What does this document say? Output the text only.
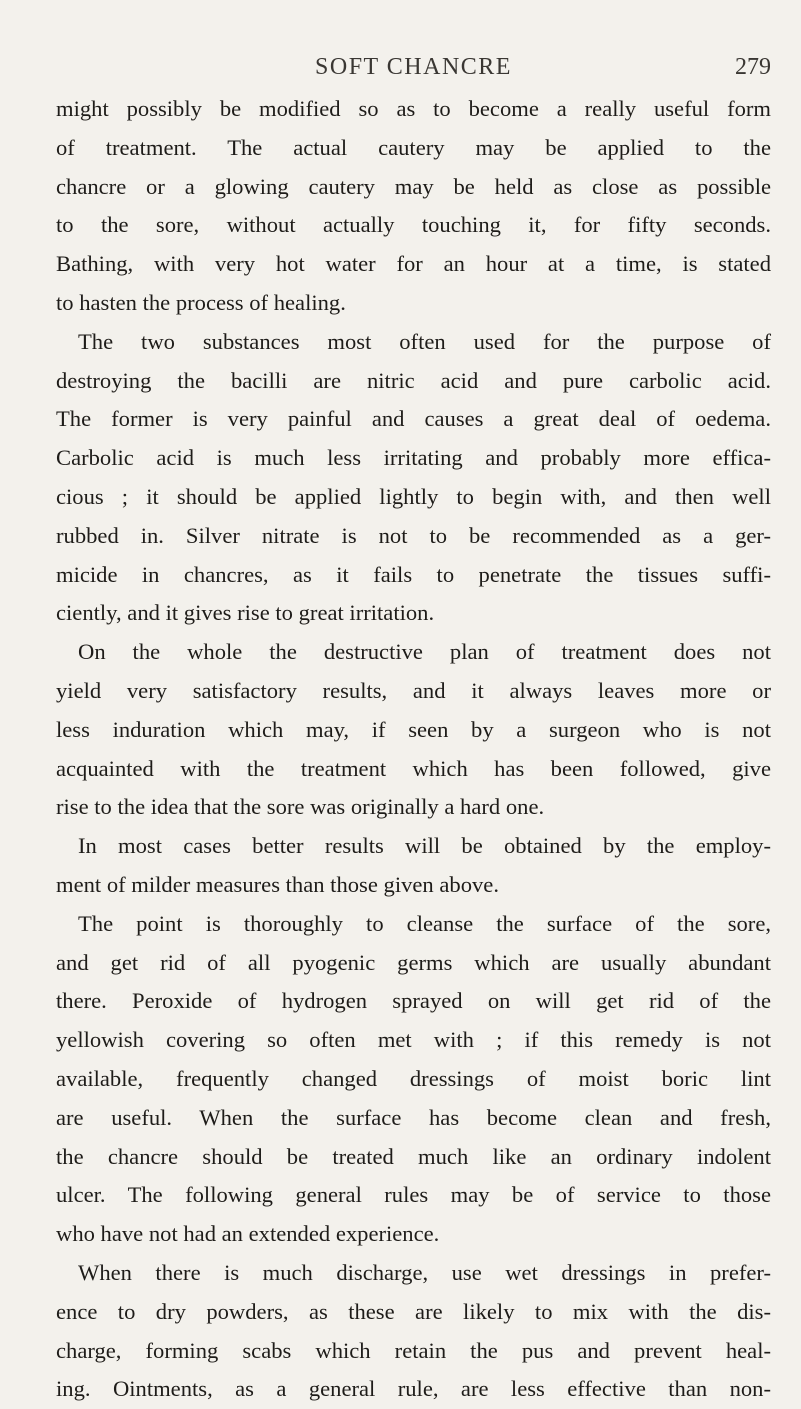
SOFT CHANCRE	279
might possibly be modified so as to become a really useful form
of treatment. The actual cautery may be applied to the
chancre or a glowing cautery may be held as close as possible
to the sore, without actually touching it, for fifty seconds.
Bathing, with very hot water for an hour at a time, is stated
to hasten the process of healing.
The two substances most often used for the purpose of
destroying the bacilli are nitric acid and pure carbolic acid.
The former is very painful and causes a great deal of oedema.
Carbolic acid is much less irritating and probably more effica-
cious ; it should be applied lightly to begin with, and then well
rubbed in. Silver nitrate is not to be recommended as a ger-
micide in chancres, as it fails to penetrate the tissues suffi-
ciently, and it gives rise to great irritation.
On the whole the destructive plan of treatment does not
yield very satisfactory results, and it always leaves more or
less induration which may, if seen by a surgeon who is not
acquainted with the treatment which has been followed, give
rise to the idea that the sore was originally a hard one.
In most cases better results will be obtained by the employ-
ment of milder measures than those given above.
The point is thoroughly to cleanse the surface of the sore,
and get rid of all pyogenic germs which are usually abundant
there. Peroxide of hydrogen sprayed on will get rid of the
yellowish covering so often met with ; if this remedy is not
available, frequently changed dressings of moist boric lint
are useful. When the surface has become clean and fresh,
the chancre should be treated much like an ordinary indolent
ulcer. The following general rules may be of service to those
who have not had an extended experience.
When there is much discharge, use wet dressings in prefer-
ence to dry powders, as these are likely to mix with the dis-
charge, forming scabs which retain the pus and prevent heal-
ing. Ointments, as a general rule, are less effective than non-
